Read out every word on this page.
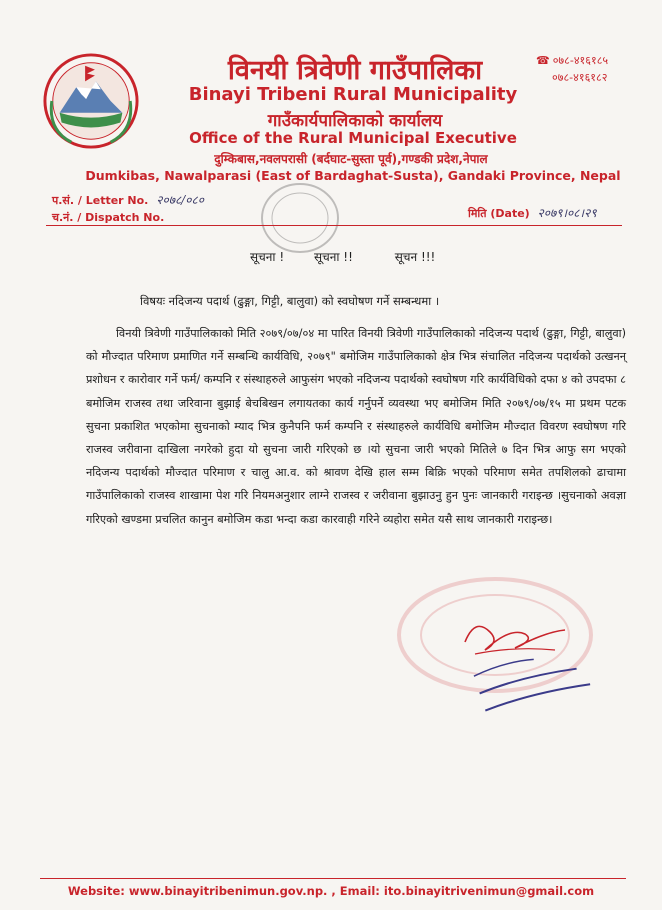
विनयी त्रिवेणी गाउँपालिका
Binayi Tribeni Rural Municipality
गाउँकार्यपालिकाको कार्यालय
Office of the Rural Municipal Executive
दुम्किबास,नवलपरासी (बर्दघाट-सुस्ता पूर्व),गण्डकी प्रदेश,नेपाल
Dumkibas, Nawalparasi (East of Bardaghat-Susta), Gandaki Province, Nepal
☎ ०७८-४१६१८५
०७८-४१६१८२
प.सं. / Letter No. २०७८/०८०
च.नं. / Dispatch No.	मिति (Date) २०७९।०८।२९
सूचना ! सूचना !!	सूचन !!!
विषयः नदिजन्य पदार्थ (ढुङ्गा, गिट्टी, बालुवा) को स्वघोषण गर्ने सम्बन्धमा ।
विनयी त्रिवेणी गाउँपालिकाको मिति २०७९/०७/०४ मा पारित विनयी त्रिवेणी गाउँपालिकाको नदिजन्य पदार्थ (ढुङ्गा, गिट्टी, बालुवा) को मौज्दात परिमाण प्रमाणित गर्ने सम्बन्धि कार्यविधि, २०७९" बमोजिम गाउँपालिकाको क्षेत्र भित्र संचालित नदिजन्य पदार्थको उत्खनन् प्रशोधन र कारोवार गर्ने फर्म/ कम्पनि र संस्थाहरुले आफुसंग भएको नदिजन्य पदार्थको स्वघोषण गरि कार्यविधिको दफा ४ को उपदफा ८ बमोजिम राजस्व तथा जरिवाना बुझाई बेचबिखन लगायतका कार्य गर्नुपर्ने व्यवस्था भए बमोजिम मिति २०७९/०७/१५ मा प्रथम पटक सुचना प्रकाशित भएकोमा सुचनाको म्याद भित्र कुनैपनि फर्म कम्पनि र संस्थाहरुले कार्यविधि बमोजिम मौज्दात विवरण स्वघोषण गरि राजस्व जरीवाना दाखिला नगरेको हुदा यो सुचना जारी गरिएको छ ।यो सुचना जारी भएको मितिले ७ दिन भित्र आफु सग भएको नदिजन्य पदार्थको मौज्दात परिमाण र चालु आ.व. को श्रावण देखि हाल सम्म बिक्रि भएको परिमाण समेत तपशिलको ढाचामा गाउँपालिकाको राजस्व शाखामा पेश गरि नियमअनुशार लाग्ने राजस्व र जरीवाना बुझाउनु हुन पुनः जानकारी गराइन्छ ।सुचनाको अवज्ञा गरिएको खण्डमा प्रचलित कानुन बमोजिम कडा भन्दा कडा कारवाही गरिने व्यहोरा समेत यसै साथ जानकारी गराइन्छ।
Website: www.binayitribenimun.gov.np. , Email: ito.binayitrivenimun@gmail.com
